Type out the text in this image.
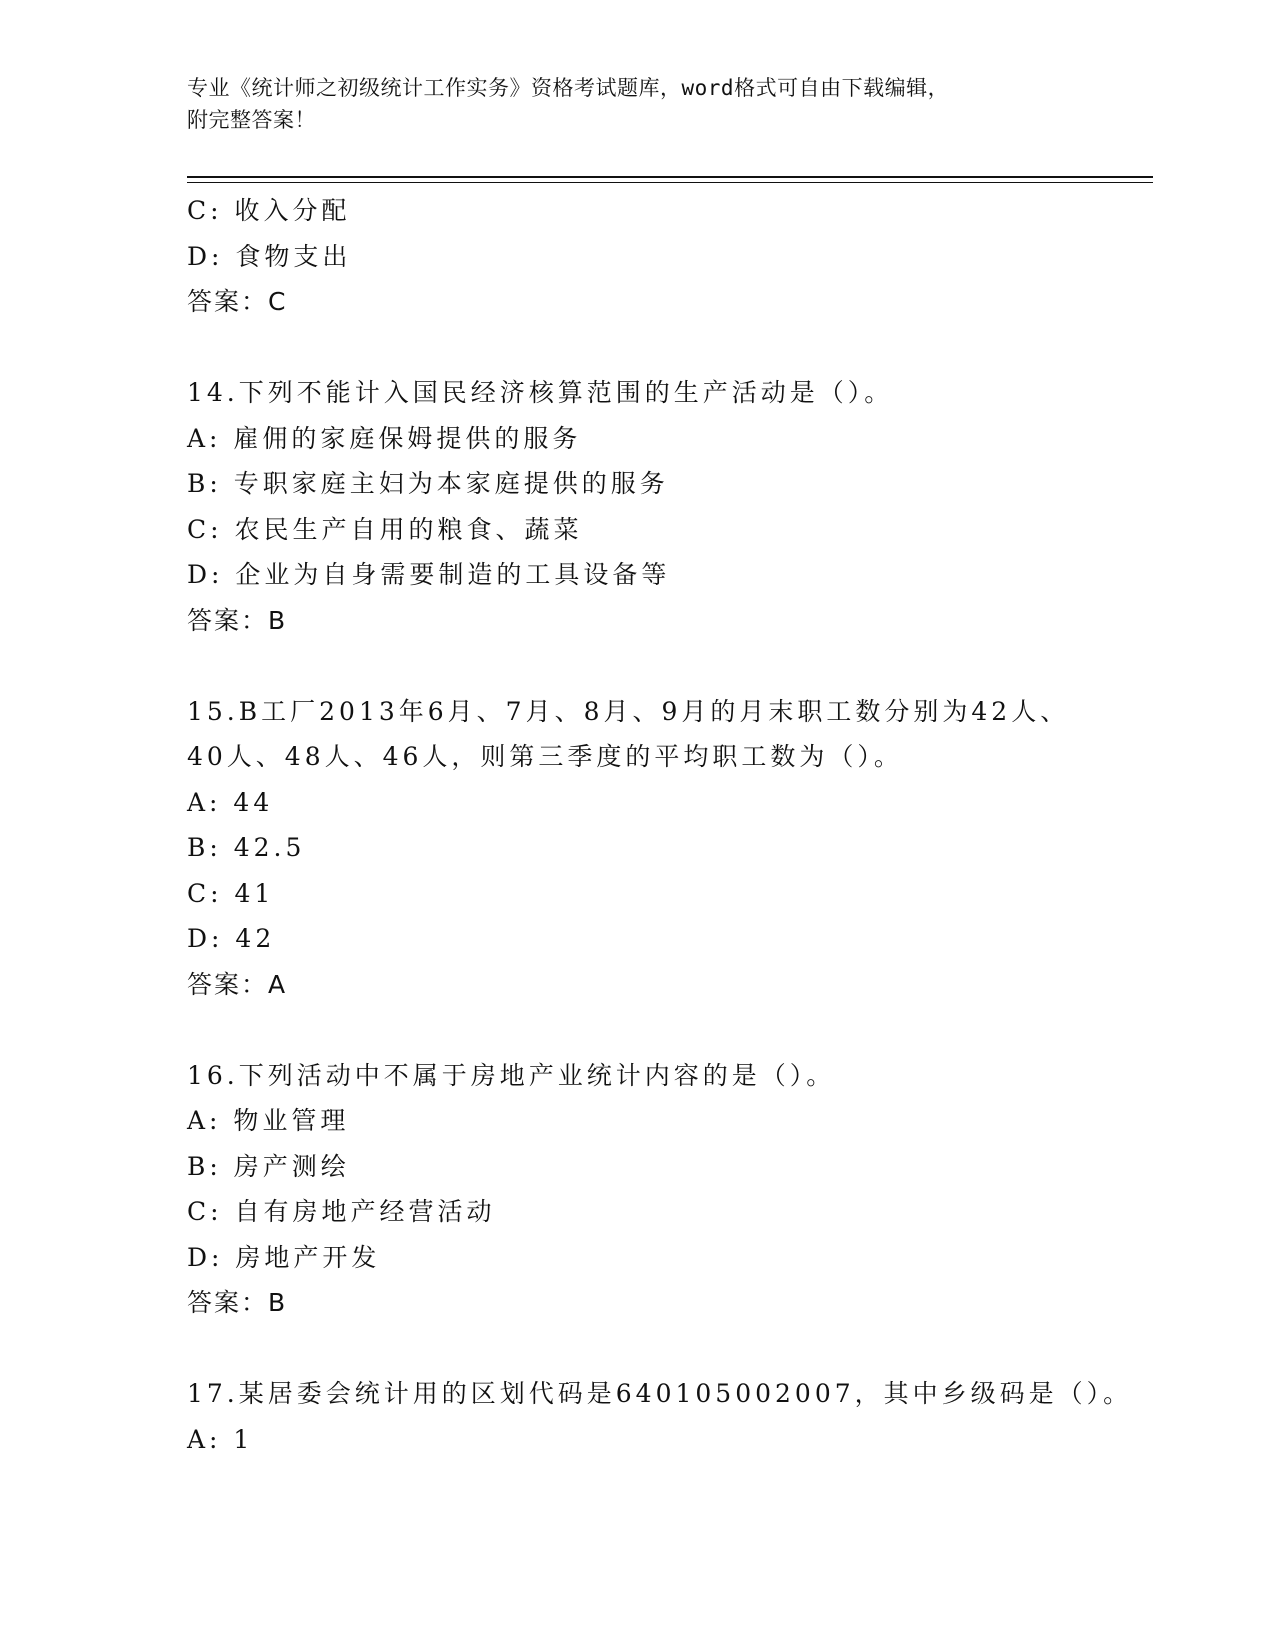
专业《统计师之初级统计工作实务》资格考试题库，word格式可自由下载编辑，
附完整答案！
C: 收入分配
D: 食物支出
答案：C
14.下列不能计入国民经济核算范围的生产活动是（）。
A: 雇佣的家庭保姆提供的服务
B: 专职家庭主妇为本家庭提供的服务
C: 农民生产自用的粮食、蔬菜
D: 企业为自身需要制造的工具设备等
答案：B
15.B工厂2013年6月、7月、8月、9月的月末职工数分别为42人、
40人、48人、46人，则第三季度的平均职工数为（）。
A: 44
B: 42.5
C: 41
D: 42
答案：A
16.下列活动中不属于房地产业统计内容的是（）。
A: 物业管理
B: 房产测绘
C: 自有房地产经营活动
D: 房地产开发
答案：B
17.某居委会统计用的区划代码是640105002007，其中乡级码是（）。
A: 1
